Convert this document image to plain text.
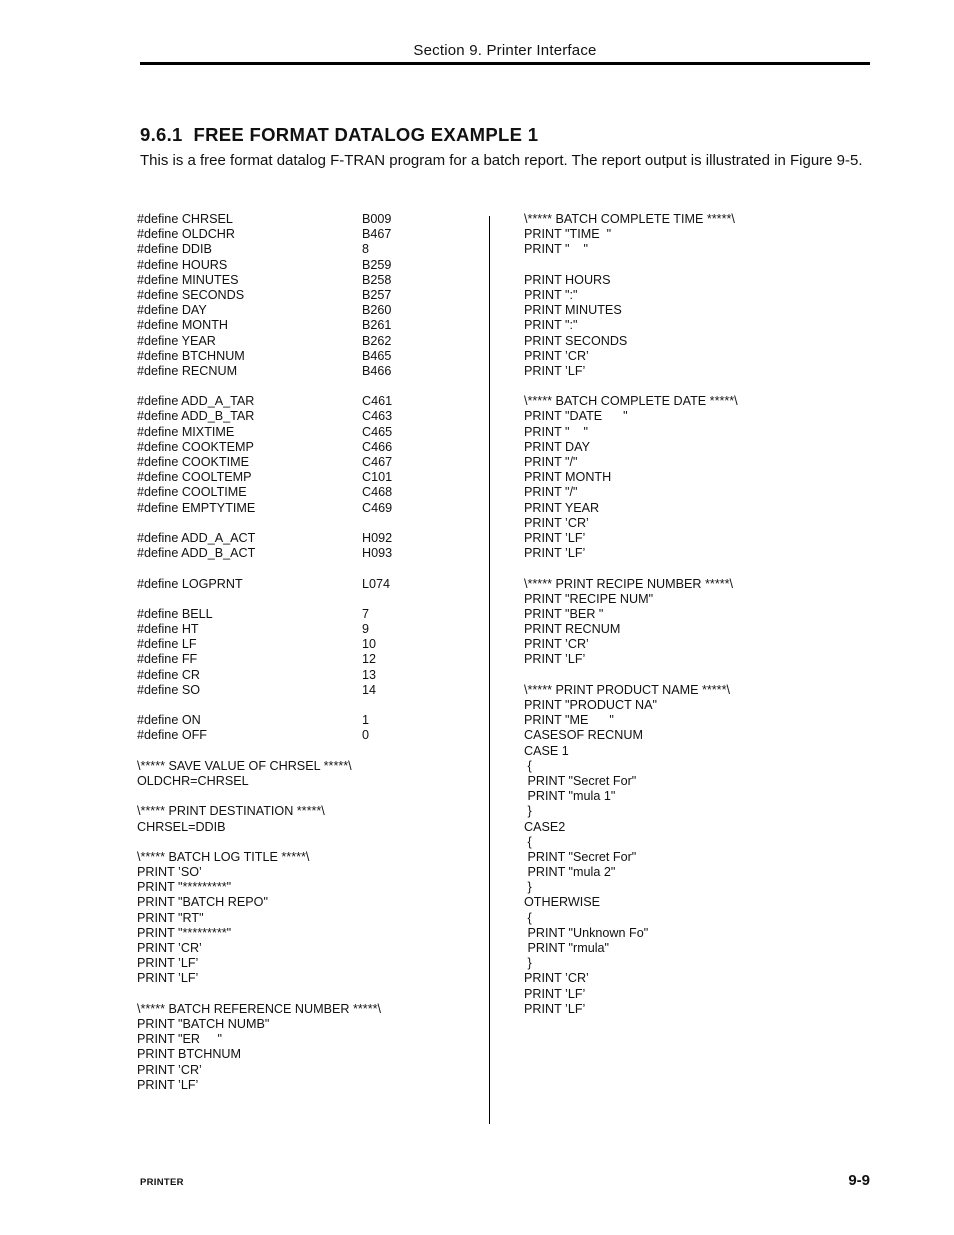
Section 9. Printer Interface
9.6.1  FREE FORMAT DATALOG EXAMPLE 1
This is a free format datalog F-TRAN program for a batch report. The report output is illustrated in Figure 9-5.
#define CHRSEL	B009
#define OLDCHR	B467
#define DDIB	8
#define HOURS	B259
#define MINUTES	B258
#define SECONDS	B257
#define DAY	B260
#define MONTH	B261
#define YEAR	B262
#define BTCHNUM	B465
#define RECNUM	B466
#define ADD_A_TAR	C461
#define ADD_B_TAR	C463
#define MIXTIME	C465
#define COOKTEMP	C466
#define COOKTIME	C467
#define COOLTEMP	C101
#define COOLTIME	C468
#define EMPTYTIME	C469
#define ADD_A_ACT	H092
#define ADD_B_ACT	H093
#define LOGPRNT	L074
#define BELL	7
#define HT	9
#define LF	10
#define FF	12
#define CR	13
#define SO	14
#define ON	1
#define OFF	0
\***** SAVE VALUE OF CHRSEL *****\
OLDCHR=CHRSEL
\***** PRINT DESTINATION *****\
CHRSEL=DDIB
\***** BATCH LOG TITLE *****\
PRINT ’SO’
PRINT "*********"
PRINT "BATCH REPO"
PRINT "RT"
PRINT "*********"
PRINT ’CR’
PRINT ’LF’
PRINT ’LF’
\***** BATCH REFERENCE NUMBER *****\
PRINT "BATCH NUMB"
PRINT "ER     "
PRINT BTCHNUM
PRINT ’CR’
PRINT ’LF’
\***** BATCH COMPLETE TIME *****\
PRINT "TIME  "
PRINT "    "
PRINT HOURS
PRINT ":"
PRINT MINUTES
PRINT ":"
PRINT SECONDS
PRINT ’CR’
PRINT ’LF’
\***** BATCH COMPLETE DATE *****\
PRINT "DATE      "
PRINT "    "
PRINT DAY
PRINT "/"
PRINT MONTH
PRINT "/"
PRINT YEAR
PRINT ’CR’
PRINT ’LF’
PRINT ’LF’
\***** PRINT RECIPE NUMBER *****\
PRINT "RECIPE NUM"
PRINT "BER "
PRINT RECNUM
PRINT ’CR’
PRINT ’LF’
\***** PRINT PRODUCT NAME *****\
PRINT "PRODUCT NA"
PRINT "ME      "
CASESOF RECNUM
CASE 1
{
PRINT "Secret For"
PRINT "mula 1"
}
CASE2
{
PRINT "Secret For"
PRINT "mula 2"
}
OTHERWISE
{
PRINT "Unknown Fo"
PRINT "rmula"
}
PRINT ’CR’
PRINT ’LF’
PRINT ’LF’
PRINTER	9-9
